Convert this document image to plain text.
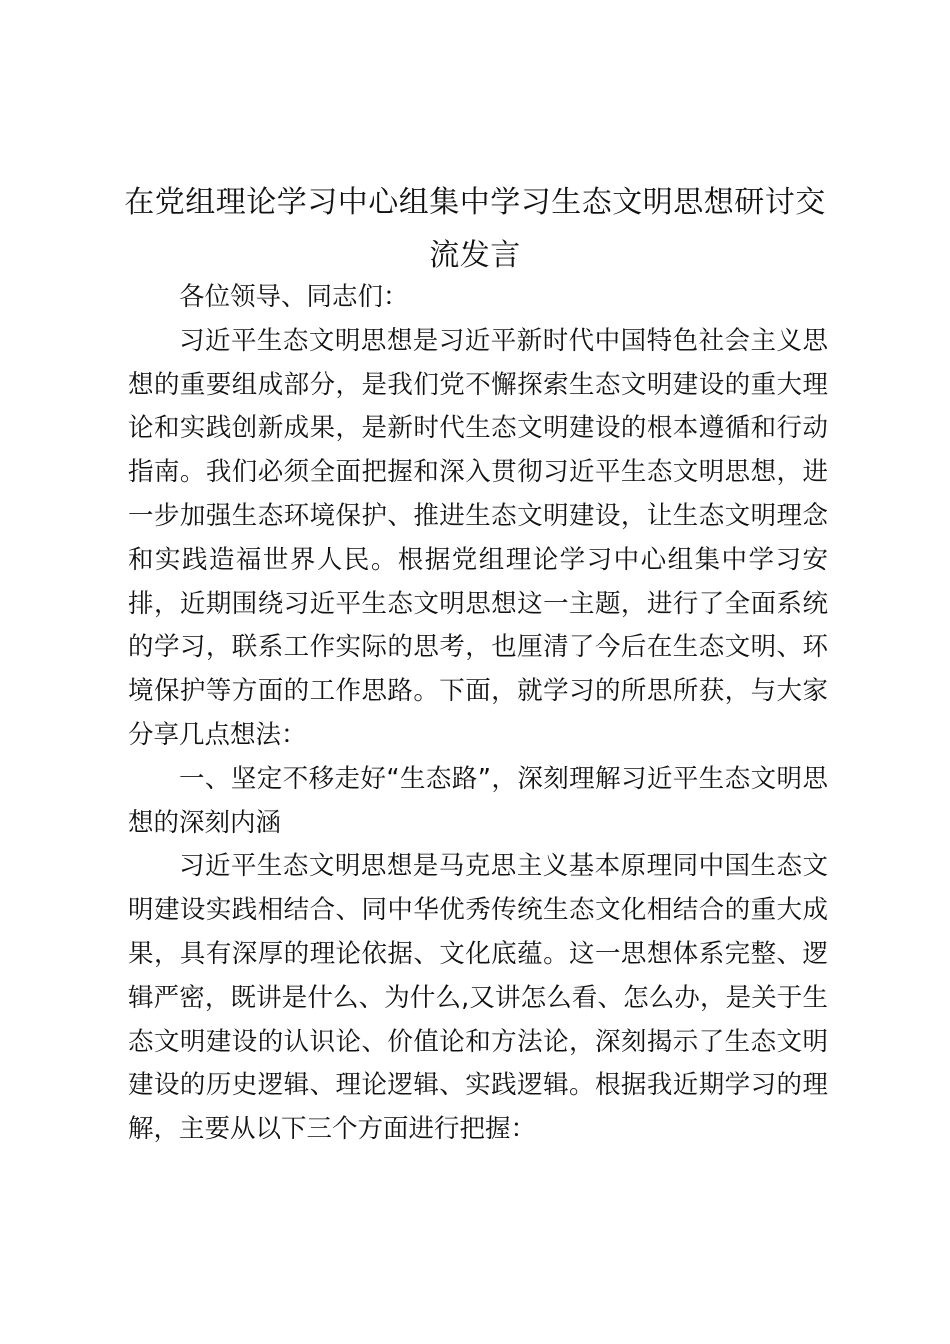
在党组理论学习中心组集中学习生态文明思想研讨交流发言

各位领导、同志们：

习近平生态文明思想是习近平新时代中国特色社会主义思想的重要组成部分，是我们党不懈探索生态文明建设的重大理论和实践创新成果，是新时代生态文明建设的根本遵循和行动指南。我们必须全面把握和深入贯彻习近平生态文明思想，进一步加强生态环境保护、推进生态文明建设，让生态文明理念和实践造福世界人民。根据党组理论学习中心组集中学习安排，近期围绕习近平生态文明思想这一主题，进行了全面系统的学习，联系工作实际的思考，也厘清了今后在生态文明、环境保护等方面的工作思路。下面，就学习的所思所获，与大家分享几点想法：

一、坚定不移走好“生态路”，深刻理解习近平生态文明思想的深刻内涵

习近平生态文明思想是马克思主义基本原理同中国生态文明建设实践相结合、同中华优秀传统生态文化相结合的重大成果，具有深厚的理论依据、文化底蕴。这一思想体系完整、逻辑严密，既讲是什么、为什么,又讲怎么看、怎么办，是关于生态文明建设的认识论、价值论和方法论，深刻揭示了生态文明建设的历史逻辑、理论逻辑、实践逻辑。根据我近期学习的理解，主要从以下三个方面进行把握：
